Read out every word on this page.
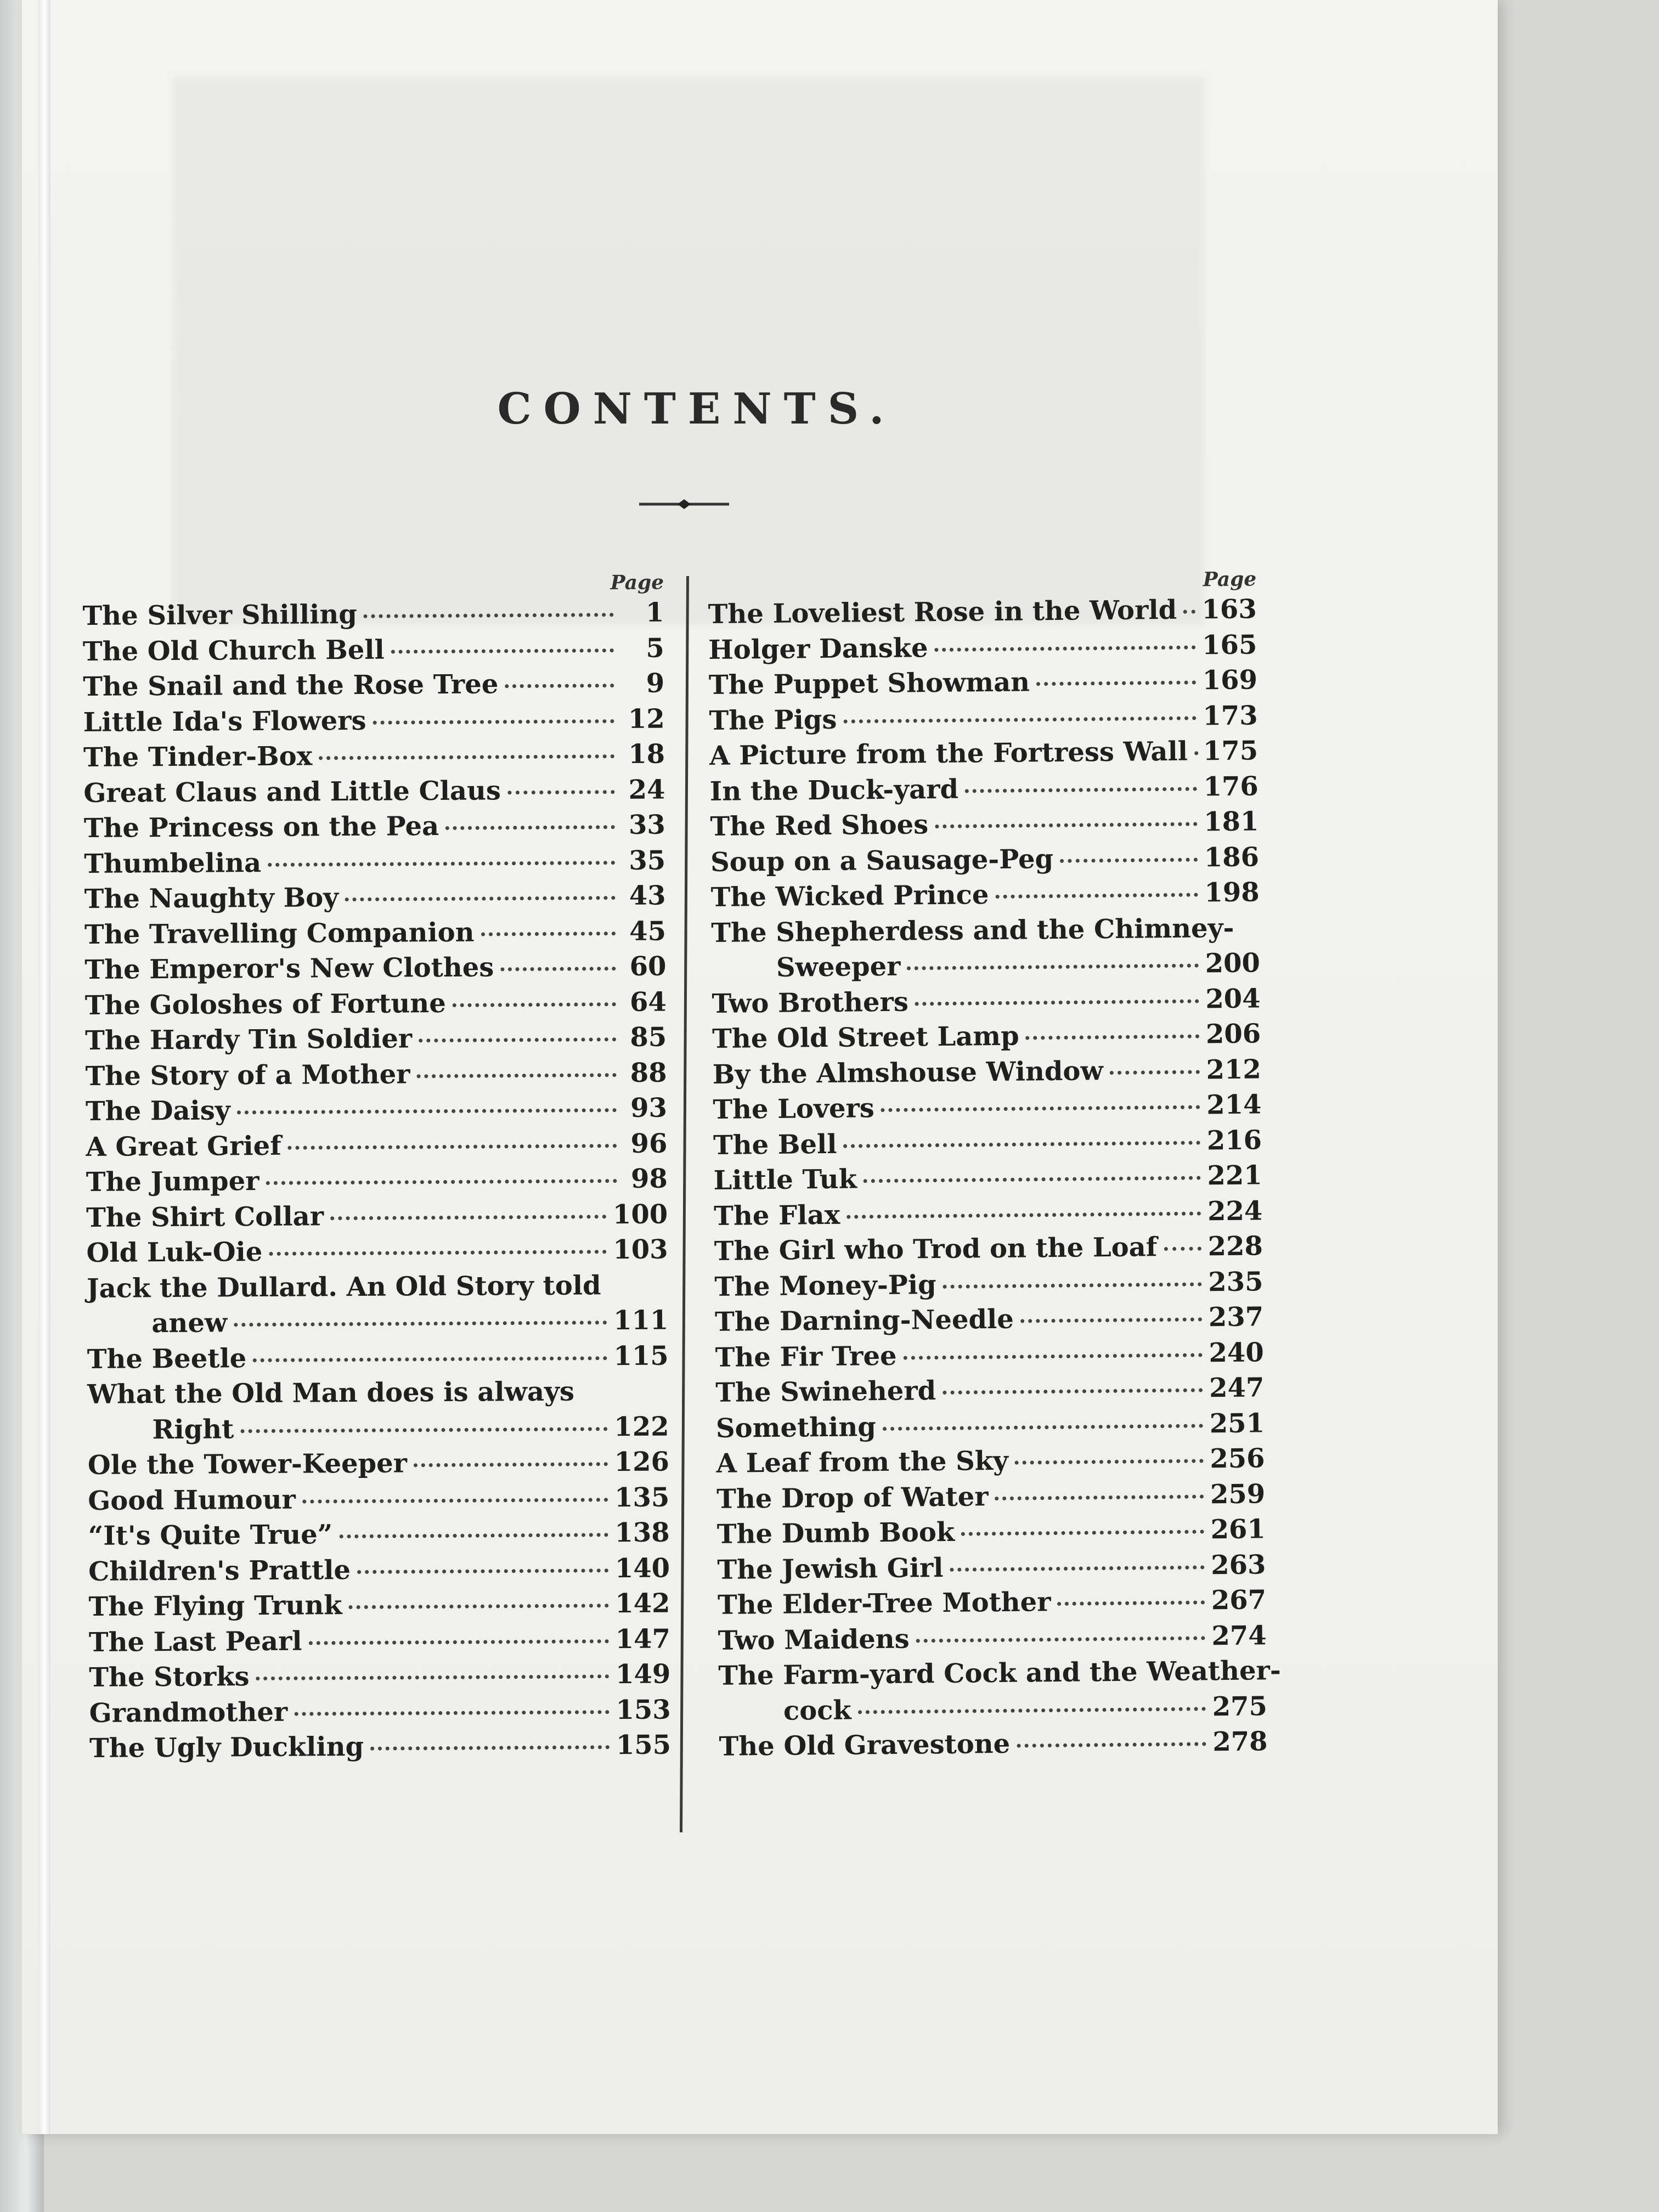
CONTENTS.
Page
The Silver Shilling	1
The Old Church Bell	5
The Snail and the Rose Tree	9
Little Ida's Flowers	12
The Tinder-Box	18
Great Claus and Little Claus	24
The Princess on the Pea	33
Thumbelina	35
The Naughty Boy	43
The Travelling Companion	45
The Emperor's New Clothes	60
The Goloshes of Fortune	64
The Hardy Tin Soldier	85
The Story of a Mother	88
The Daisy	93
A Great Grief	96
The Jumper	98
The Shirt Collar	100
Old Luk-Oie	103
Jack the Dullard. An Old Story told
anew	111
The Beetle	115
What the Old Man does is always
Right	122
Ole the Tower-Keeper	126
Good Humour	135
“It's Quite True”	138
Children's Prattle	140
The Flying Trunk	142
The Last Pearl	147
The Storks	149
Grandmother	153
The Ugly Duckling	155
Page
The Loveliest Rose in the World 163
Holger Danske	165
The Puppet Showman	169
The Pigs	173
A Picture from the Fortress Wall 175
In the Duck-yard	176
The Red Shoes	181
Soup on a Sausage-Peg	186
The Wicked Prince	198
The Shepherdess and the Chimney-
Sweeper	200
Two Brothers	204
The Old Street Lamp	206
By the Almshouse Window	212
The Lovers	214
The Bell	216
Little Tuk	221
The Flax	224
The Girl who Trod on the Loaf 228
The Money-Pig	235
The Darning-Needle	237
The Fir Tree	240
The Swineherd	247
Something	251
A Leaf from the Sky	256
The Drop of Water	259
The Dumb Book	261
The Jewish Girl	263
The Elder-Tree Mother	267
Two Maidens	274
The Farm-yard Cock and the Weather-
cock	275
The Old Gravestone	278
